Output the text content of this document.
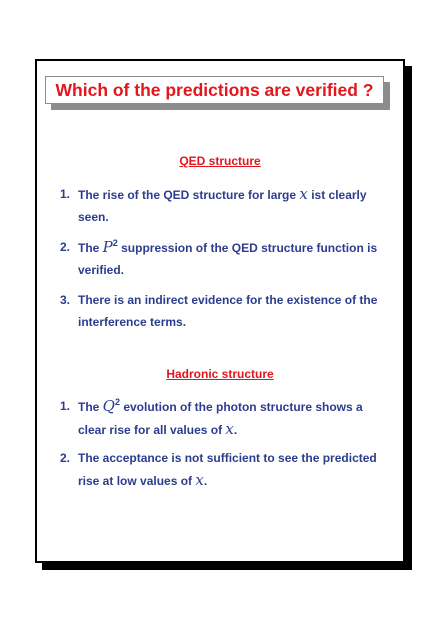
Which of the predictions are verified ?
QED structure
1. The rise of the QED structure for large x ist clearly seen.
2. The $P^2$ suppression of the QED structure function is verified.
3. There is an indirect evidence for the existence of the interference terms.
Hadronic structure
1. The $Q^2$ evolution of the photon structure shows a clear rise for all values of x.
2. The acceptance is not sufficient to see the predicted rise at low values of x.
